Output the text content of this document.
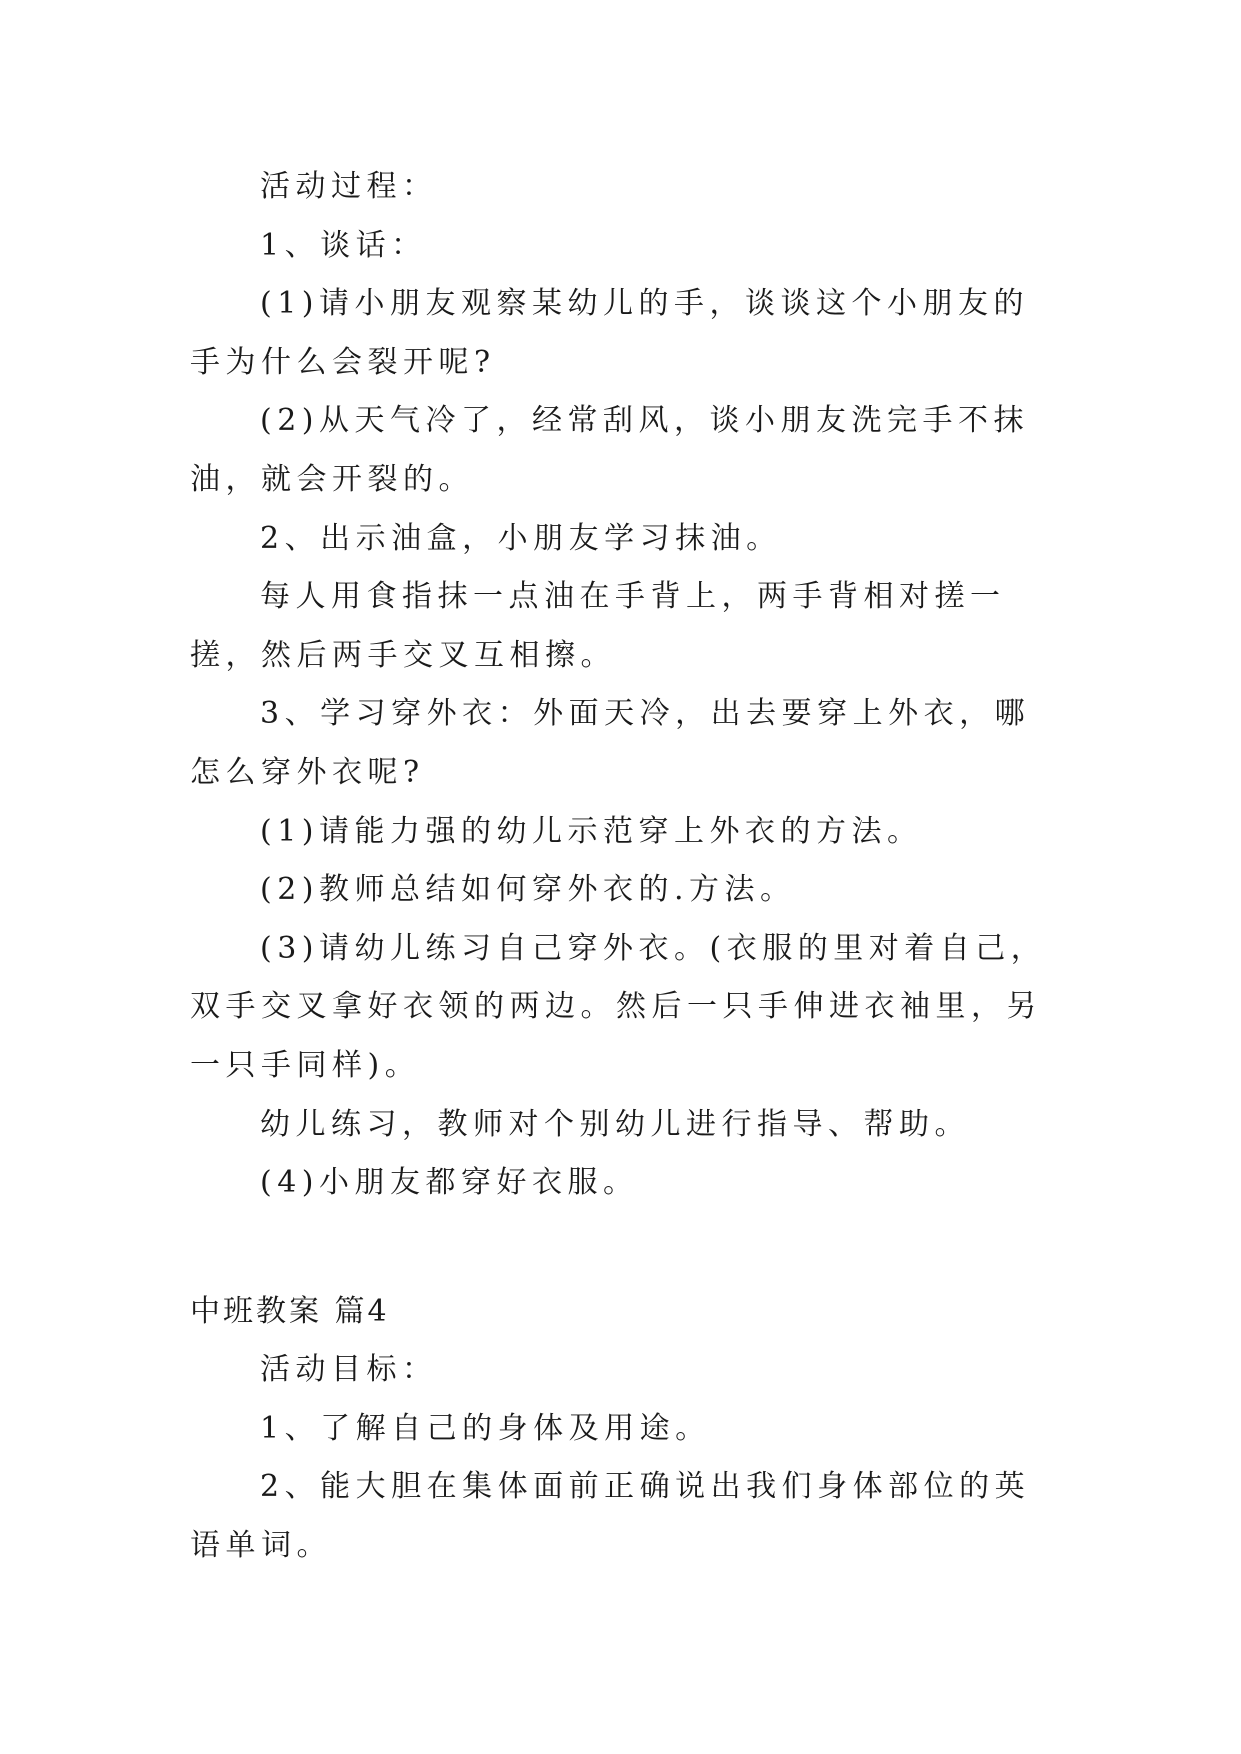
活动过程：

1、谈话：

(1)请小朋友观察某幼儿的手，谈谈这个小朋友的手为什么会裂开呢?

(2)从天气冷了，经常刮风，谈小朋友洗完手不抹油，就会开裂的。

2、出示油盒，小朋友学习抹油。

每人用食指抹一点油在手背上，两手背相对搓一搓，然后两手交叉互相擦。

3、学习穿外衣：外面天冷，出去要穿上外衣，哪怎么穿外衣呢?

(1)请能力强的幼儿示范穿上外衣的方法。

(2)教师总结如何穿外衣的.方法。

(3)请幼儿练习自己穿外衣。(衣服的里对着自己，双手交叉拿好衣领的两边。然后一只手伸进衣袖里，另一只手同样)。

幼儿练习，教师对个别幼儿进行指导、帮助。

(4)小朋友都穿好衣服。

中班教案 篇4

活动目标：

1、了解自己的身体及用途。

2、能大胆在集体面前正确说出我们身体部位的英语单词。
